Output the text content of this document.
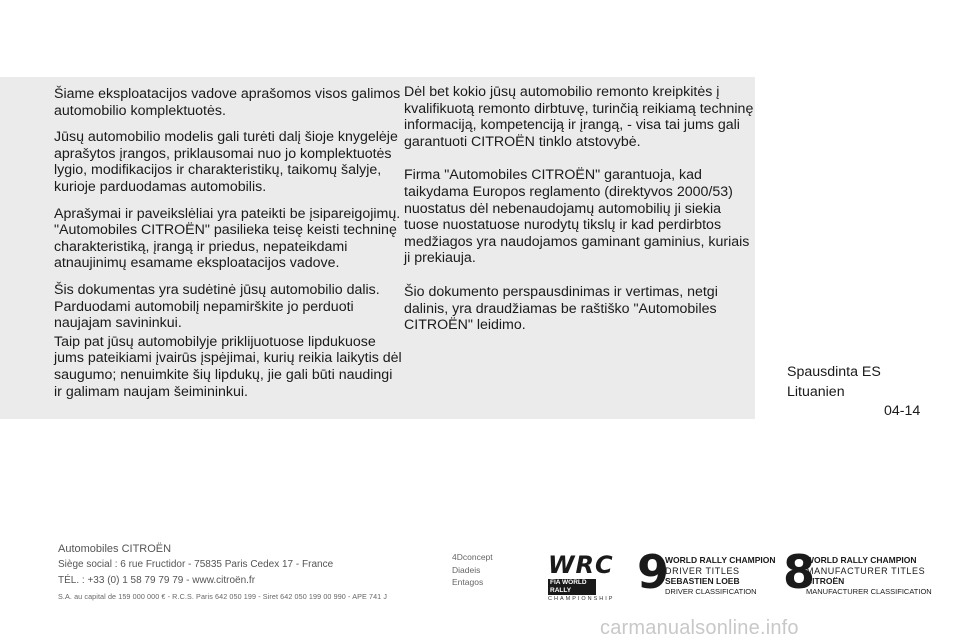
Šiame eksploatacijos vadove aprašomos visos galimos automobilio komplektuotės.

Jūsų automobilio modelis gali turėti dalį šioje knygelėje aprašytos įrangos, priklausomai nuo jo komplektuotės lygio, modifikacijos ir charakteristikų, taikomų šalyje, kurioje parduodamas automobilis.

Aprašymai ir paveikslėliai yra pateikti be įsipareigojimų. "Automobiles CITROËN" pasilieka teisę keisti techninę charakteristiką, įrangą ir priedus, nepateikdami atnaujinimų esamame eksploatacijos vadove.

Šis dokumentas yra sudėtinė jūsų automobilio dalis. Parduodami automobilį nepamirškite jo perduoti naujajam savininkui.

Taip pat jūsų automobilyje priklijuotuose lipdukuose jums pateikiami įvairūs įspėjimai, kurių reikia laikytis dėl saugumo; nenuimkite šių lipdukų, jie gali būti naudingi ir galimam naujam šeimininkui.

Dėl bet kokio jūsų automobilio remonto kreipkitės į kvalifikuotą remonto dirbtuvę, turinčią reikiamą techninę informaciją, kompetenciją ir įrangą, - visa tai jums gali garantuoti CITROËN tinklo atstovybė.

Firma "Automobiles CITROËN" garantuoja, kad taikydama Europos reglamento (direktyvos 2000/53) nuostatus dėl nebenaudojamų automobilių ji siekia tuose nuostatuose nurodytų tikslų ir kad perdirbtos medžiagos yra naudojamos gaminant gaminius, kuriais ji prekiauja.

Šio dokumento perspausdinimas ir vertimas, netgi dalinis, yra draudžiamas be raštiško "Automobiles CITROËN" leidimo.

Spausdinta ES
Lituanien
04-14
Automobiles CITROËN
Siège social : 6 rue Fructidor - 75835 Paris Cedex 17 - France
TÉL. : +33 (0) 1 58 79 79 79 - www.citroën.fr
S.A. au capital de 159 000 000 € - R.C.S. Paris 642 050 199 - Siret 642 050 199 00 990 - APE 741 J
4Dconcept
Diadeis
Entagos
WRC
FIA WORLD RALLY
CHAMPIONSHIP 9
WORLD RALLY CHAMPION
DRIVER TITLES
SEBASTIEN LOEB
DRIVER CLASSIFICATION 8
WORLD RALLY CHAMPION
MANUFACTURER TITLES
CITROËN
MANUFACTURER CLASSIFICATION
carmanualsonline.info
